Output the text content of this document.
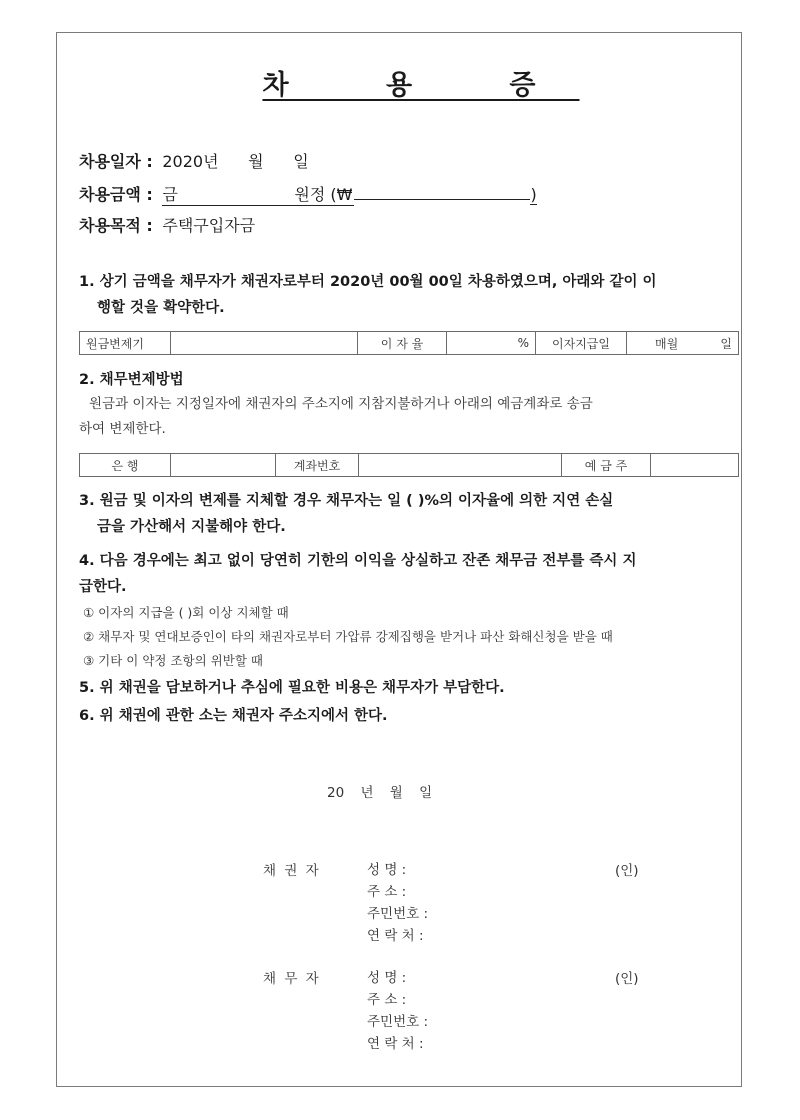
차 용 증
차용일자 : 2020년 월 일
차용금액 : 금	원정 (₩	)
차용목적 : 주택구입자금
1. 상기 금액을 채무자가 채권자로부터 2020년 00월 00일 차용하였으며, 아래와 같이 이
행할 것을 확약한다.
원금변제기		이 자 율	%	이자지급일	매월	일
2. 채무변제방법
원금과 이자는 지정일자에 채권자의 주소지에 지참지불하거나 아래의 예금계좌로 송금
하여 변제한다.
은 행		계좌번호		예 금 주	
3. 원금 및 이자의 변제를 지체할 경우 채무자는 일 ( )%의 이자율에 의한 지연 손실
금을 가산해서 지불해야 한다.
4. 다음 경우에는 최고 없이 당연히 기한의 이익을 상실하고 잔존 채무금 전부를 즉시 지
급한다.
① 이자의 지급을 ( )회 이상 지체할 때
② 채무자 및 연대보증인이 타의 채권자로부터 가압류 강제집행을 받거나 파산 화해신청을 받을 때
③ 기타 이 약정 조항의 위반할 때
5. 위 채권을 담보하거나 추심에 필요한 비용은 채무자가 부담한다.
6. 위 채권에 관한 소는 채권자 주소지에서 한다.
20 년 월 일
채 권 자	성 명 :
주 소 :
주민번호 :
연 락 처 :
(인)
채 무 자	성 명 :
주 소 :
주민번호 :
연 락 처 :
(인)
